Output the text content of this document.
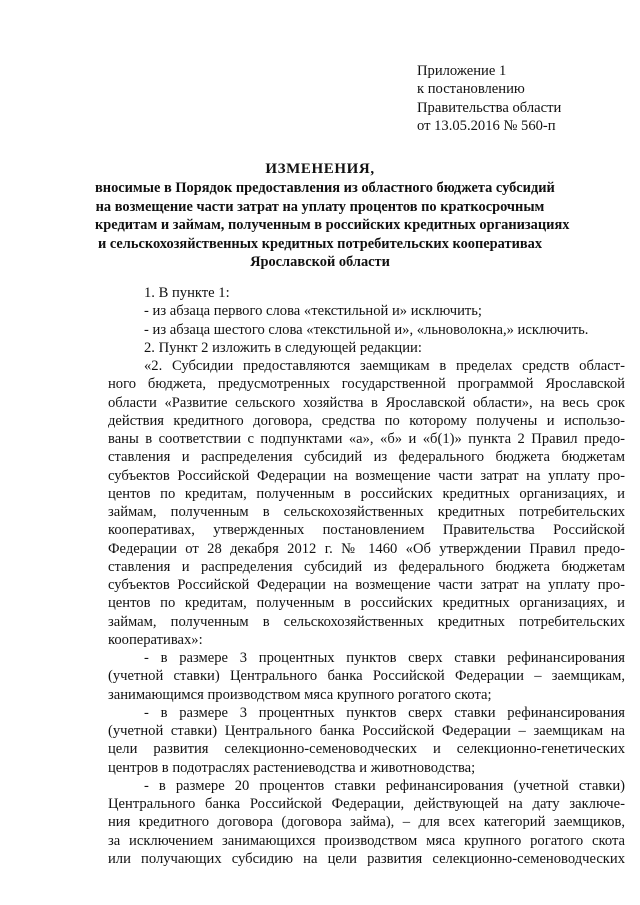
Приложение 1
к постановлению
Правительства области
от 13.05.2016 № 560-п
ИЗМЕНЕНИЯ,
вносимые в Порядок предоставления из областного бюджета субсидий
на возмещение части затрат на уплату процентов по краткосрочным
кредитам и займам, полученным в российских кредитных организациях
и сельскохозяйственных кредитных потребительских кооперативах
Ярославской области
1. В пункте 1:
- из абзаца первого слова «текстильной и» исключить;
- из абзаца шестого слова «текстильной и», «льноволокна,» исключить.
2. Пункт 2 изложить в следующей редакции:
«2. Субсидии предоставляются заемщикам в пределах средств област-
ного бюджета, предусмотренных государственной программой Ярославской
области «Развитие сельского хозяйства в Ярославской области», на весь срок
действия кредитного договора, средства по которому получены и использо-
ваны в соответствии с подпунктами «а», «б» и «б(1)» пункта 2 Правил предо-
ставления и распределения субсидий из федерального бюджета бюджетам
субъектов Российской Федерации на возмещение части затрат на уплату про-
центов по кредитам, полученным в российских кредитных организациях, и
займам, полученным в сельскохозяйственных кредитных потребительских
кооперативах, утвержденных постановлением Правительства Российской
Федерации от 28 декабря 2012 г. № 1460 «Об утверждении Правил предо-
ставления и распределения субсидий из федерального бюджета бюджетам
субъектов Российской Федерации на возмещение части затрат на уплату про-
центов по кредитам, полученным в российских кредитных организациях, и
займам, полученным в сельскохозяйственных кредитных потребительских
кооперативах»:
- в размере 3 процентных пунктов сверх ставки рефинансирования
(учетной ставки) Центрального банка Российской Федерации – заемщикам,
занимающимся производством мяса крупного рогатого скота;
- в размере 3 процентных пунктов сверх ставки рефинансирования
(учетной ставки) Центрального банка Российской Федерации – заемщикам на
цели развития селекционно-семеноводческих и селекционно-генетических
центров в подотраслях растениеводства и животноводства;
- в размере 20 процентов ставки рефинансирования (учетной ставки)
Центрального банка Российской Федерации, действующей на дату заключе-
ния кредитного договора (договора займа), – для всех категорий заемщиков,
за исключением занимающихся производством мяса крупного рогатого скота
или получающих субсидию на цели развития селекционно-семеноводческих
